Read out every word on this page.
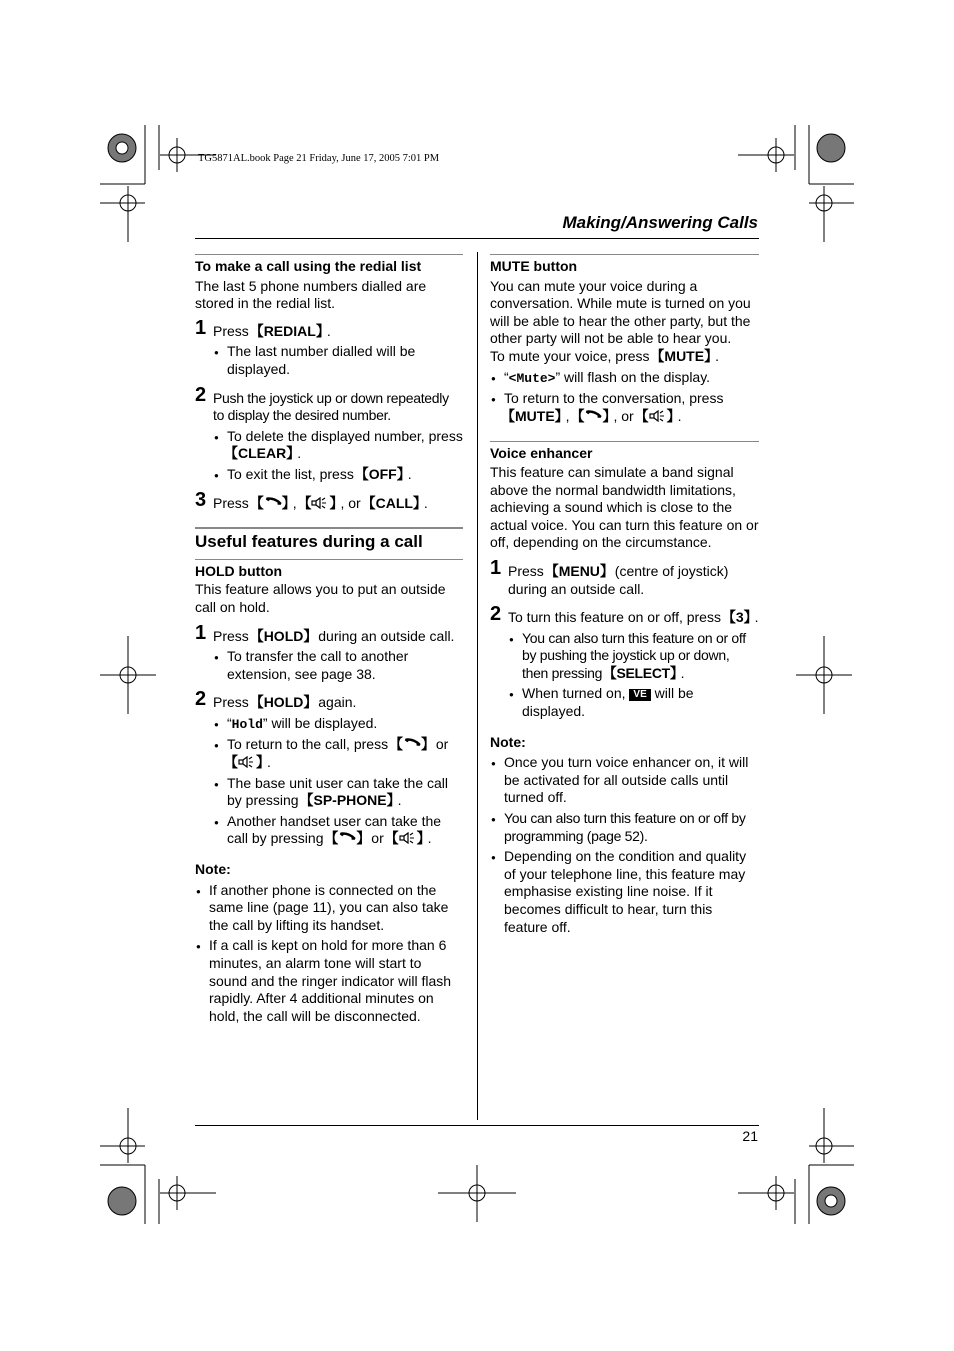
TG5871AL.book Page 21 Friday, June 17, 2005 7:01 PM
Making/Answering Calls

To make a call using the redial list

The last 5 phone numbers dialled are stored in the redial list.

1 Press 【 REDIAL 】 .
● The last number dialled will be displayed.
2 Push the joystick up or down repeatedly to display the desired number.
● To delete the displayed number, press 【 CLEAR 】 .
● To exit the list, press 【 OFF 】 .
3 Press 【
】	, 【
】	, or 【 CALL 】 .

Useful features during a call

HOLD button

This feature allows you to put an outside call on hold.

1 Press 【 HOLD 】 during an outside call.
● To transfer the call to another extension, see page 38.
2 Press 【 HOLD 】 again.
● “Hold” will be displayed.
● To return to the call, press 【
】	or 【
】.
● The base unit user can take the call by pressing 【 SP-PHONE 】 .
● Another handset user can take the call by pressing 【
】	or 【
】	.

Note:

● If another phone is connected on the same line (page 11), you can also take the call by lifting its handset.
● If a call is kept on hold for more than 6 minutes, an alarm tone will start to sound and the ringer indicator will flash rapidly. After 4 additional minutes on hold, the call will be disconnected.

MUTE button

You can mute your voice during a conversation. While mute is turned on you will be able to hear the other party, but the other party will not be able to hear you.

To mute your voice, press 【 MUTE 】 .

● “<Mute>” will flash on the display.
● To return to the conversation, press 【 MUTE 】 , 【
】	, or 【
】	.

Voice enhancer

This feature can simulate a band signal above the normal bandwidth limitations, achieving a sound which is close to the actual voice. You can turn this feature on or off, depending on the circumstance.

1 Press 【 MENU 】 (centre of joystick) during an outside call.
2 To turn this feature on or off, press 【 3 】 .
● You can also turn this feature on or off by pushing the joystick up or down, then pressing 【 SELECT 】 .
● When turned on, VE will be displayed.

Note:

● Once you turn voice enhancer on, it will be activated for all outside calls until turned off.
● You can also turn this feature on or off by programming (page 52).
● Depending on the condition and quality of your telephone line, this feature may emphasise existing line noise. If it becomes difficult to hear, turn this feature off.
21
